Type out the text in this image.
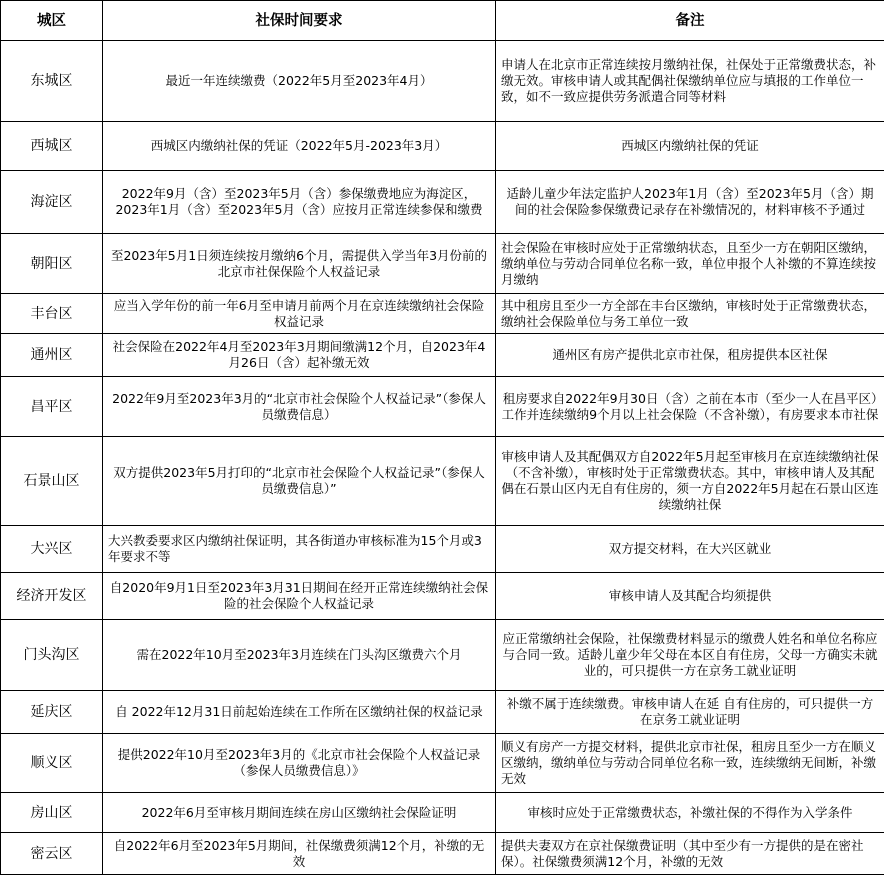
城区	社保时间要求	备注
东城区	最近一年连续缴费（2022年5月至2023年4月）	申请人在北京市正常连续按月缴纳社保，社保处于正常缴费状态，补缴无效。审核申请人或其配偶社保缴纳单位应与填报的工作单位一致，如不一致应提供劳务派遣合同等材料
西城区	西城区内缴纳社保的凭证（2022年5月-2023年3月）	西城区内缴纳社保的凭证
海淀区	2022年9月（含）至2023年5月（含）参保缴费地应为海淀区，2023年1月（含）至2023年5月（含）应按月正常连续参保和缴费	适龄儿童少年法定监护人2023年1月（含）至2023年5月（含）期间的社会保险参保缴费记录存在补缴情况的，材料审核不予通过
朝阳区	至2023年5月1日须连续按月缴纳6个月，需提供入学当年3月份前的北京市社保保险个人权益记录	社会保险在审核时应处于正常缴纳状态，且至少一方在朝阳区缴纳，缴纳单位与劳动合同单位名称一致，单位申报个人补缴的不算连续按月缴纳
丰台区	应当入学年份的前一年6月至申请月前两个月在京连续缴纳社会保险权益记录	其中租房且至少一方全部在丰台区缴纳，审核时处于正常缴费状态，缴纳社会保险单位与务工单位一致
通州区	社会保险在2022年4月至2023年3月期间缴满12个月，自2023年4月26日（含）起补缴无效	通州区有房产提供北京市社保，租房提供本区社保
昌平区	2022年9月至2023年3月的“北京市社会保险个人权益记录”（参保人员缴费信息）	租房要求自2022年9月30日（含）之前在本市（至少一人在昌平区）工作并连续缴纳9个月以上社会保险（不含补缴），有房要求本市社保
石景山区	双方提供2023年5月打印的“北京市社会保险个人权益记录”（参保人员缴费信息）”	审核申请人及其配偶双方自2022年5月起至审核月在京连续缴纳社保（不含补缴），审核时处于正常缴费状态。其中，审核申请人及其配偶在石景山区内无自有住房的，须一方自2022年5月起在石景山区连续缴纳社保
大兴区	大兴教委要求区内缴纳社保证明，其各街道办审核标准为15个月或3年要求不等	双方提交材料，在大兴区就业
经济开发区	自2020年9月1日至2023年3月31日期间在经开正常连续缴纳社会保险的社会保险个人权益记录	审核申请人及其配合均须提供
门头沟区	需在2022年10月至2023年3月连续在门头沟区缴费六个月	应正常缴纳社会保险，社保缴费材料显示的缴费人姓名和单位名称应与合同一致。适龄儿童少年父母在本区自有住房，父母一方确实未就业的，可只提供一方在京务工就业证明
延庆区	自 2022年12月31日前起始连续在工作所在区缴纳社保的权益记录	补缴不属于连续缴费。审核申请人在延 自有住房的，可只提供一方在京务工就业证明
顺义区	提供2022年10月至2023年3月的《北京市社会保险个人权益记录（参保人员缴费信息）》	顺义有房产一方提交材料，提供北京市社保，租房且至少一方在顺义区缴纳，缴纳单位与劳动合同单位名称一致，连续缴纳无间断，补缴无效
房山区	2022年6月至审核月期间连续在房山区缴纳社会保险证明	审核时应处于正常缴费状态，补缴社保的不得作为入学条件
密云区	自2022年6月至2023年5月期间，社保缴费须满12个月，补缴的无效	提供夫妻双方在京社保缴费证明（其中至少有一方提供的是在密社保）。社保缴费须满12个月，补缴的无效
